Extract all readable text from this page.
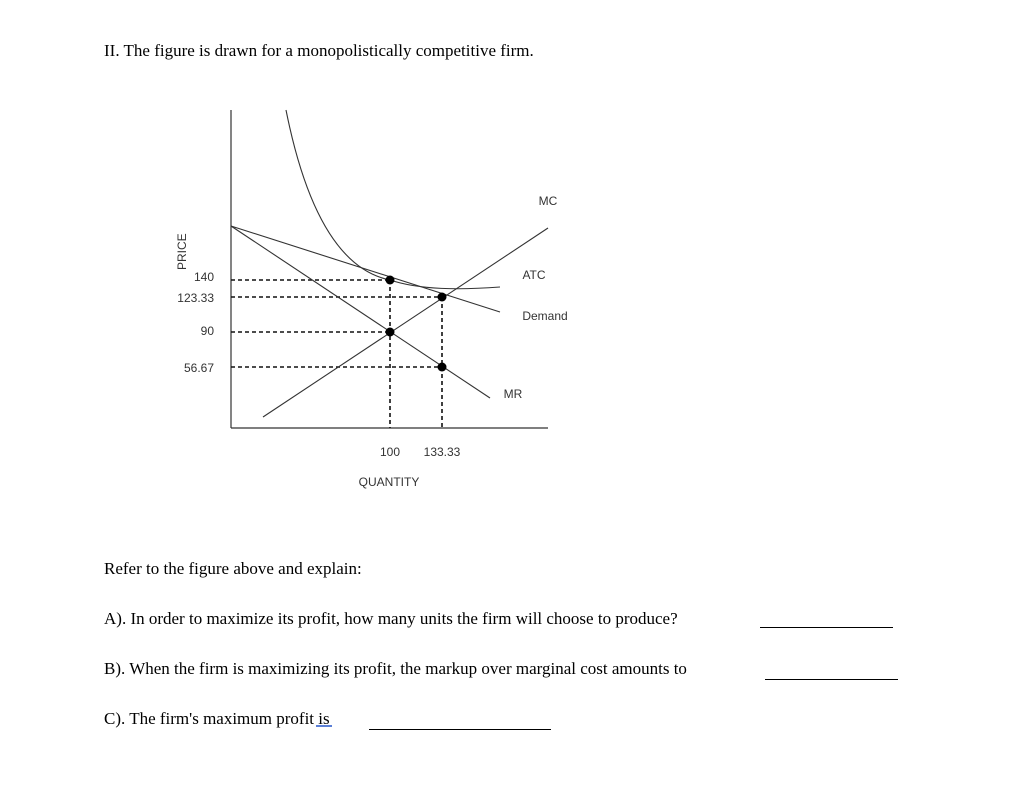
II. The figure is drawn for a monopolistically competitive firm.
PRICE
140
123.33
90
56.67
100 133.33
QUANTITY
MC
ATC
Demand
MR
Refer to the figure above and explain:
A). In order to maximize its profit, how many units the firm will choose to produce?
B). When the firm is maximizing its profit, the markup over marginal cost amounts to
C). The firm's maximum profit is
